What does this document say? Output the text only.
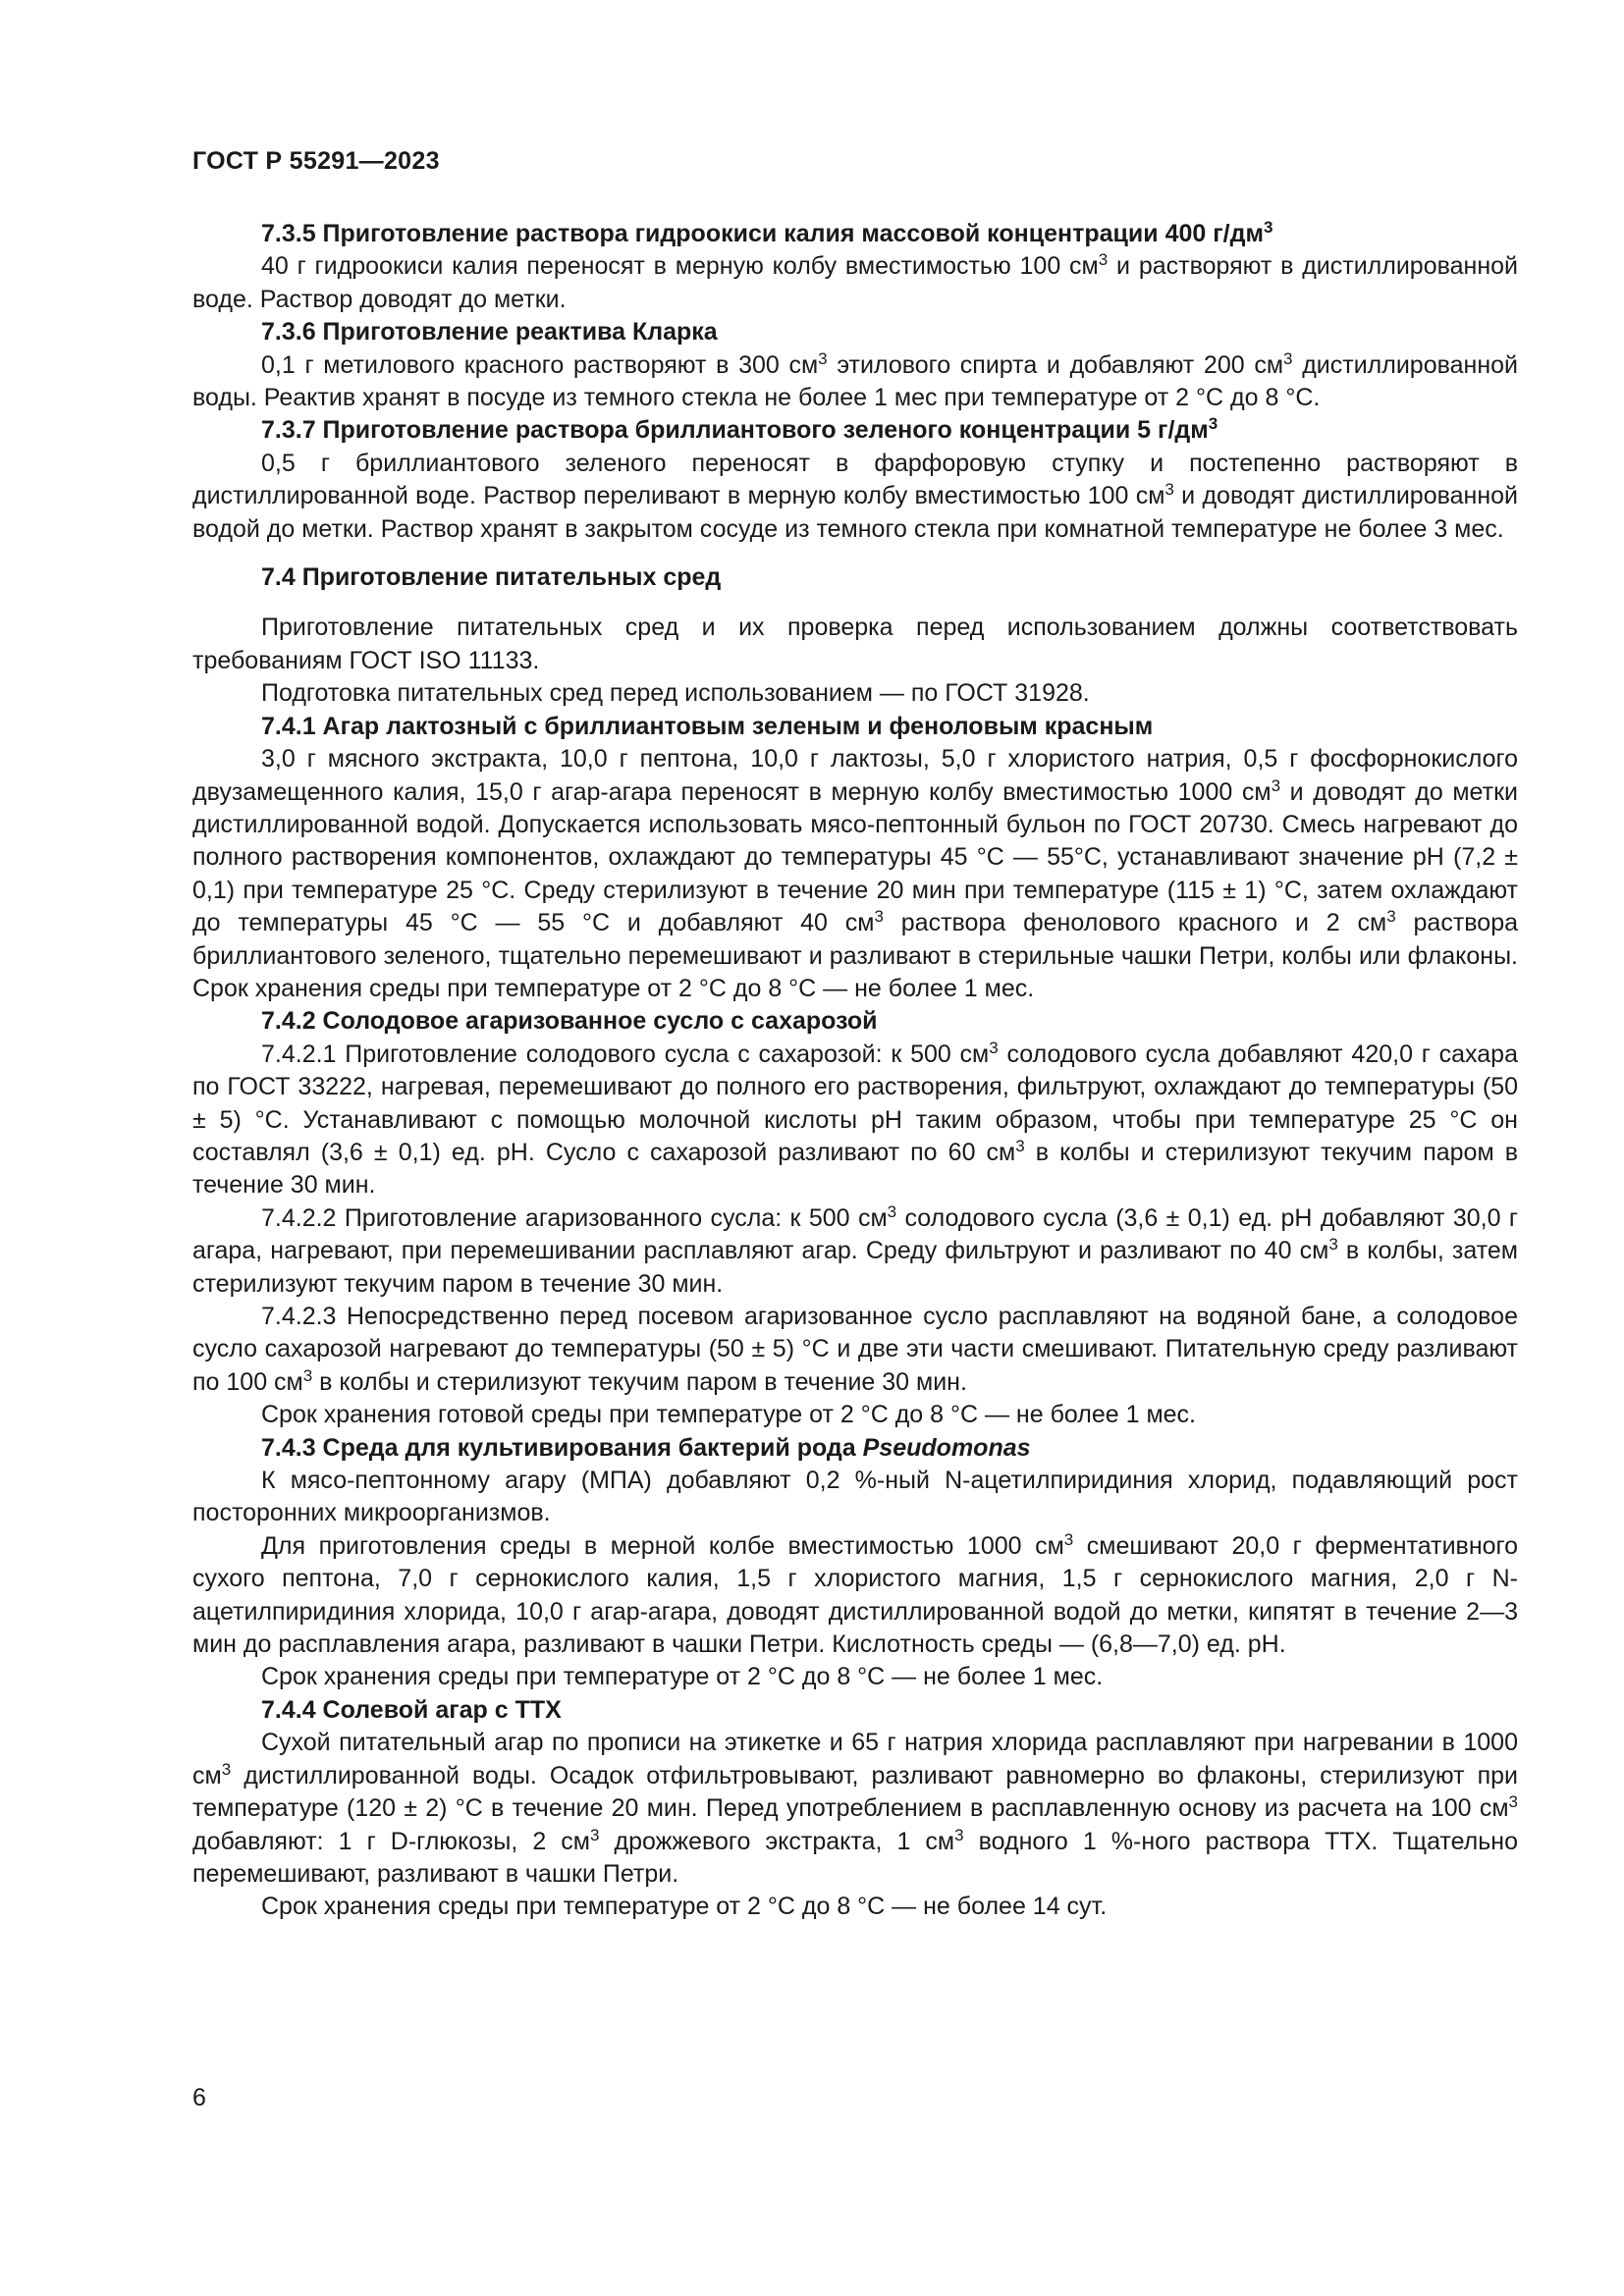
ГОСТ Р 55291—2023

7.3.5 Приготовление раствора гидроокиси калия массовой концентрации 400 $г/дм^3$

40 г гидроокиси калия переносят в мерную колбу вместимостью 100 $см^3$ и растворяют в дистиллированной воде. Раствор доводят до метки.

7.3.6 Приготовление реактива Кларка

0,1 г метилового красного растворяют в 300 $см^3$ этилового спирта и добавляют 200 $см^3$ дистиллированной воды. Реактив хранят в посуде из темного стекла не более 1 мес при температуре от 2 °С до 8 °С.

7.3.7 Приготовление раствора бриллиантового зеленого концентрации 5 $г/дм^3$

0,5 г бриллиантового зеленого переносят в фарфоровую ступку и постепенно растворяют в дистиллированной воде. Раствор переливают в мерную колбу вместимостью 100 $см^3$ и доводят дистиллированной водой до метки. Раствор хранят в закрытом сосуде из темного стекла при комнатной температуре не более 3 мес.

7.4 Приготовление питательных сред

Приготовление питательных сред и их проверка перед использованием должны соответствовать требованиям ГОСТ ISO 11133.

Подготовка питательных сред перед использованием — по ГОСТ 31928.

7.4.1 Агар лактозный с бриллиантовым зеленым и феноловым красным

3,0 г мясного экстракта, 10,0 г пептона, 10,0 г лактозы, 5,0 г хлористого натрия, 0,5 г фосфорнокислого двузамещенного калия, 15,0 г агар-агара переносят в мерную колбу вместимостью 1000 $см^3$ и доводят до метки дистиллированной водой. Допускается использовать мясо-пептонный бульон по ГОСТ 20730. Смесь нагревают до полного растворения компонентов, охлаждают до температуры 45 °С — 55°С, устанавливают значение рН (7,2 ± 0,1) при температуре 25 °С. Среду стерилизуют в течение 20 мин при температуре (115 ± 1) °С, затем охлаждают до температуры 45 °С — 55 °С и добавляют 40 $см^3$ раствора фенолового красного и 2 $см^3$ раствора бриллиантового зеленого, тщательно перемешивают и разливают в стерильные чашки Петри, колбы или флаконы. Срок хранения среды при температуре от 2 °С до 8 °С — не более 1 мес.

7.4.2 Солодовое агаризованное сусло с сахарозой

7.4.2.1 Приготовление солодового сусла с сахарозой: к 500 $см^3$ солодового сусла добавляют 420,0 г сахара по ГОСТ 33222, нагревая, перемешивают до полного его растворения, фильтруют, охлаждают до температуры (50 ± 5) °С. Устанавливают с помощью молочной кислоты рН таким образом, чтобы при температуре 25 °С он составлял (3,6 ± 0,1) ед. рН. Сусло с сахарозой разливают по 60 $см^3$ в колбы и стерилизуют текучим паром в течение 30 мин.

7.4.2.2 Приготовление агаризованного сусла: к 500 $см^3$ солодового сусла (3,6 ± 0,1) ед. рН добавляют 30,0 г агара, нагревают, при перемешивании расплавляют агар. Среду фильтруют и разливают по 40 $см^3$ в колбы, затем стерилизуют текучим паром в течение 30 мин.

7.4.2.3 Непосредственно перед посевом агаризованное сусло расплавляют на водяной бане, а солодовое сусло сахарозой нагревают до температуры (50 ± 5) °С и две эти части смешивают. Питательную среду разливают по 100 $см^3$ в колбы и стерилизуют текучим паром в течение 30 мин.

Срок хранения готовой среды при температуре от 2 °С до 8 °С — не более 1 мес.

7.4.3 Среда для культивирования бактерий рода Pseudomonas

К мясо-пептонному агару (МПА) добавляют 0,2 %-ный N-ацетилпиридиния хлорид, подавляющий рост посторонних микроорганизмов.

Для приготовления среды в мерной колбе вместимостью 1000 $см^3$ смешивают 20,0 г ферментативного сухого пептона, 7,0 г сернокислого калия, 1,5 г хлористого магния, 1,5 г сернокислого магния, 2,0 г N-ацетилпиридиния хлорида, 10,0 г агар-агара, доводят дистиллированной водой до метки, кипятят в течение 2—3 мин до расплавления агара, разливают в чашки Петри. Кислотность среды — (6,8—7,0) ед. рН.

Срок хранения среды при температуре от 2 °С до 8 °С — не более 1 мес.

7.4.4 Солевой агар с ТТХ

Сухой питательный агар по прописи на этикетке и 65 г натрия хлорида расплавляют при нагревании в 1000 $см^3$ дистиллированной воды. Осадок отфильтровывают, разливают равномерно во флаконы, стерилизуют при температуре (120 ± 2) °С в течение 20 мин. Перед употреблением в расплавленную основу из расчета на 100 $см^3$ добавляют: 1 г D-глюкозы, 2 $см^3$ дрожжевого экстракта, 1 $см^3$ водного 1 %-ного раствора ТТХ. Тщательно перемешивают, разливают в чашки Петри.

Срок хранения среды при температуре от 2 °С до 8 °С — не более 14 сут.

6
